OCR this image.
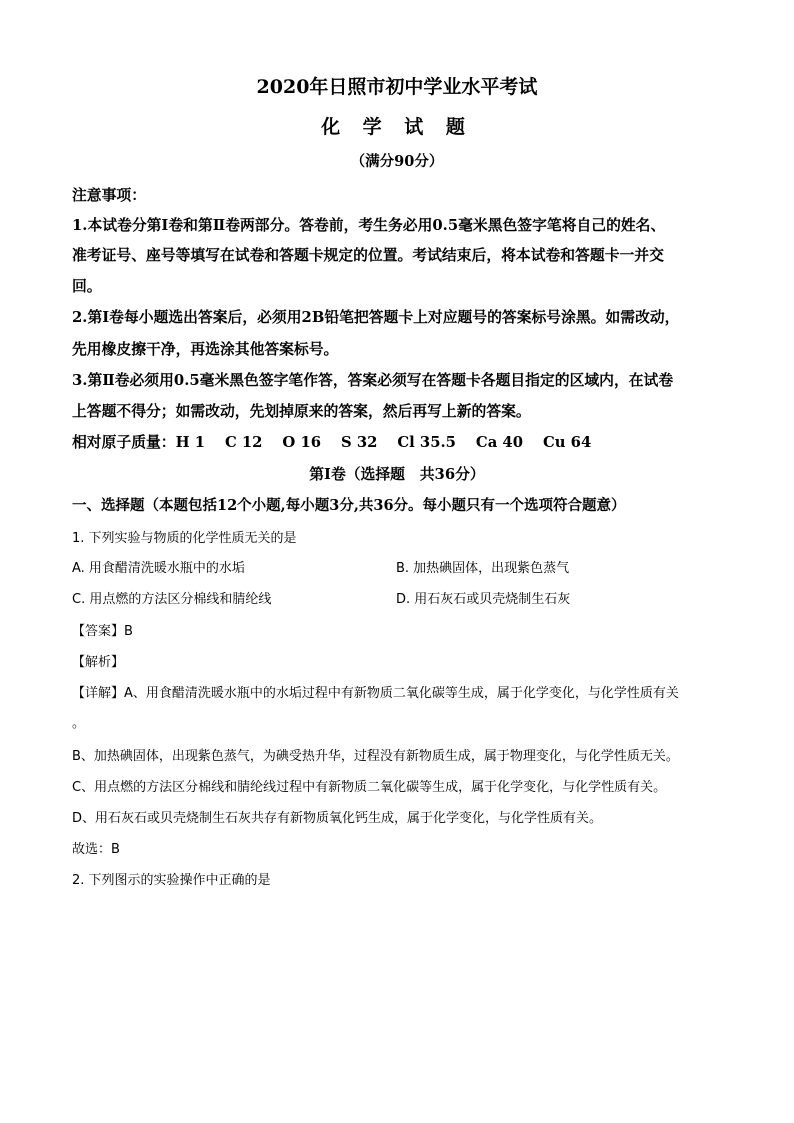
2020年日照市初中学业水平考试
化 学 试 题
（满分90分）
注意事项：
1.本试卷分第Ⅰ卷和第Ⅱ卷两部分。答卷前，考生务必用0.5毫米黑色签字笔将自己的姓名、
准考证号、座号等填写在试卷和答题卡规定的位置。考试结束后，将本试卷和答题卡一并交
回。
2.第Ⅰ卷每小题选出答案后，必须用2B铅笔把答题卡上对应题号的答案标号涂黑。如需改动，
先用橡皮擦干净，再选涂其他答案标号。
3.第Ⅱ卷必须用0.5毫米黑色签字笔作答，答案必须写在答题卡各题目指定的区域内，在试卷
上答题不得分；如需改动，先划掉原来的答案，然后再写上新的答案。
相对原子质量：H 1　 C 12　 O 16　 S 32　 Cl 35.5　 Ca 40　 Cu 64
第Ⅰ卷（选择题　共36分）
一、选择题（本题包括12个小题,每小题3分,共36分。每小题只有一个选项符合题意）
1. 下列实验与物质的化学性质无关的是
A. 用食醋清洗暖水瓶中的水垢	B. 加热碘固体，出现紫色蒸气
C. 用点燃的方法区分棉线和腈纶线	D. 用石灰石或贝壳烧制生石灰
【答案】B
【解析】
【详解】A、用食醋清洗暖水瓶中的水垢过程中有新物质二氧化碳等生成，属于化学变化，与化学性质有关
。
B、加热碘固体，出现紫色蒸气，为碘受热升华，过程没有新物质生成，属于物理变化，与化学性质无关。
C、用点燃的方法区分棉线和腈纶线过程中有新物质二氧化碳等生成，属于化学变化，与化学性质有关。
D、用石灰石或贝壳烧制生石灰共存有新物质氧化钙生成，属于化学变化，与化学性质有关。
故选：B
2. 下列图示的实验操作中正确的是
